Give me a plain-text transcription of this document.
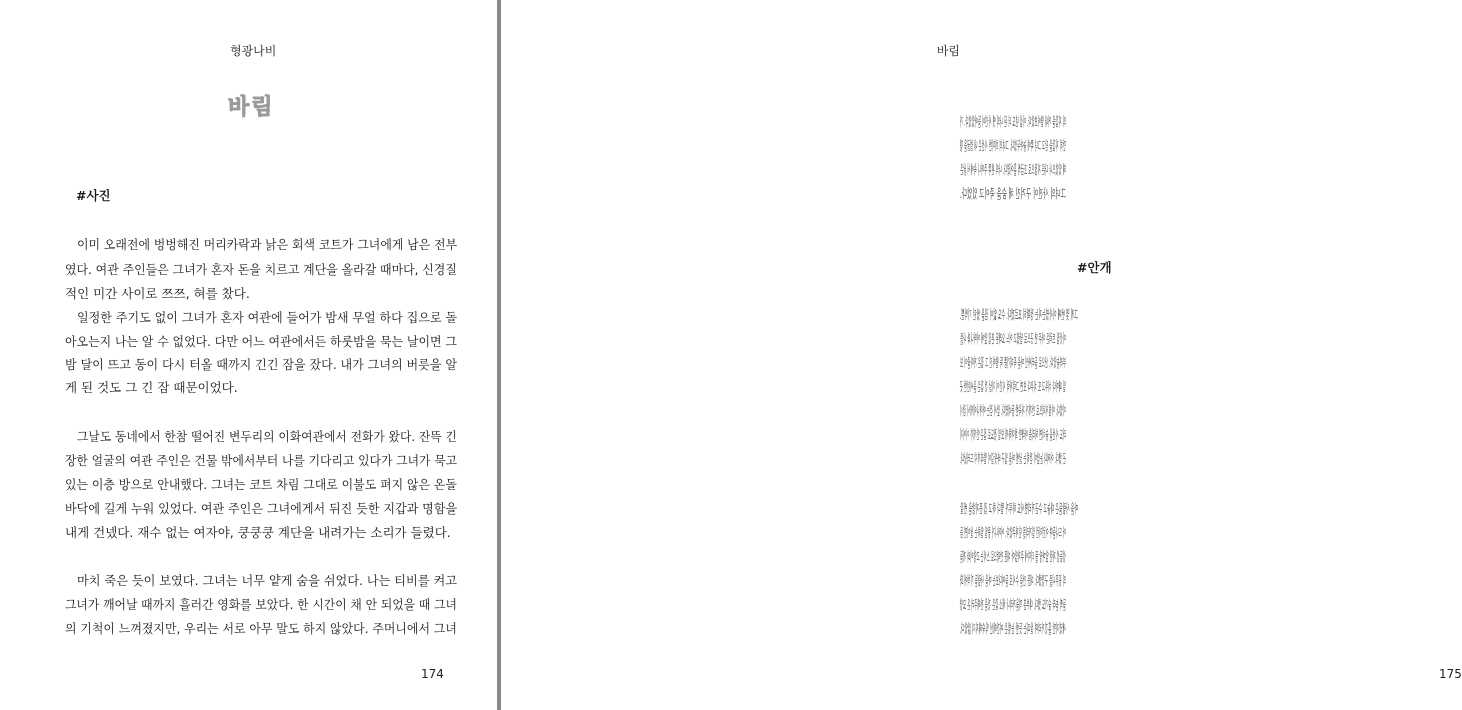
형광나비
바림
#사진
이미 오래전에 벙벙해진 머리카락과 낡은 회색 코트가 그녀에게 남은 전부
였다. 여관 주인들은 그녀가 혼자 돈을 치르고 계단을 올라갈 때마다, 신경질
적인 미간 사이로 쯔쯔, 혀를 찼다.
일정한 주기도 없이 그녀가 혼자 여관에 들어가 밤새 무얼 하다 집으로 돌
아오는지 나는 알 수 없었다. 다만 어느 여관에서든 하룻밤을 묵는 날이면 그
밤 달이 뜨고 동이 다시 터올 때까지 긴긴 잠을 잤다. 내가 그녀의 버릇을 알
게 된 것도 그 긴 잠 때문이었다.
그날도 동네에서 한참 떨어진 변두리의 이화여관에서 전화가 왔다. 잔뜩 긴
장한 얼굴의 여관 주인은 건물 밖에서부터 나를 기다리고 있다가 그녀가 묵고
있는 이층 방으로 안내했다. 그녀는 코트 차림 그대로 이불도 펴지 않은 온돌
바닥에 길게 누워 있었다. 여관 주인은 그녀에게서 뒤진 듯한 지갑과 명함을
내게 건넸다. 재수 없는 여자야, 쿵쿵쿵 계단을 내려가는 소리가 들렸다.
마치 죽은 듯이 보였다. 그녀는 너무 얕게 숨을 쉬었다. 나는 티비를 켜고
그녀가 깨어날 때까지 흘러간 영화를 보았다. 한 시간이 채 안 되었을 때 그녀
의 기척이 느껴졌지만, 우리는 서로 아무 말도 하지 않았다. 주머니에서 그녀
174
바림
의 지갑을 꺼내 열어보았다. 이십 년도 더 된 나의 옛 사진이 들어있었다. 가
만히 지갑을 닫고 그녀 쪽에 놓아두었다. 그녀의 희미한 시선은 내 얼굴을 향
해 있었으나 다른 지점으로 조금씩 흘어졌다. 나의 왼쪽 주머니 속에서 낡은
그녀의 사진이 구겨진 채 숨을 죽이고 있었다.
#안개
그게 몇 번째 이사였는지는 정확히 모르겠다. 수도 없이 짐을 쌌던 기억뿐.
이삿짐 트럭은 아주 먼 곳으로 달렸고 어느 오래된 촌집 앞에 어머니와 나를
부려놓았다. 산으로 둘러싸인 마을 꼭대기쯤 뚝 떨어진 그 집은 거미줄이 보
일 때마다 치우고 또 치우다 보면 그럭저럭 시간이 지날 것 같은 을씨년한 곳
이었다. 아침저녁으로 안개가 자욱한 동네였다. 앞서 걷는 어머니에게서 잠시
라도 시선을 놓치면 허리춤 아래만 희미하게 보일 정도로 짙은 안개가 이어지
곤 했다. 어쩌다 눈앞이 걷히는 날엔 마을 입구 바닷길이 멀리까지 드러났다.
마을 사람들은 대놓고 수군거리면서도 하루가 멀다 하고 집 문지방을 번갈
아 드나들며 이런저런 일거리를 던져주었다. 어머니가 종일 일하는 날이면 듬
성듬성 자란 앞마당 풀 더미에 주저앉아 대문 안팎으로 스치는 고양이와 개들
의 꽁무니를 구경했다. 대문 안을 수시로 들여다보는 마을 사람들 기척에 화
들짝 놀라 숨기도 했다. 대부분 먹을거리나 채소 같은 것을 전해주러 온 모양
새였지만 흘깃거리며 살피는 듯한 눈빛은 여간해선 익숙해지지 않았다.
175
